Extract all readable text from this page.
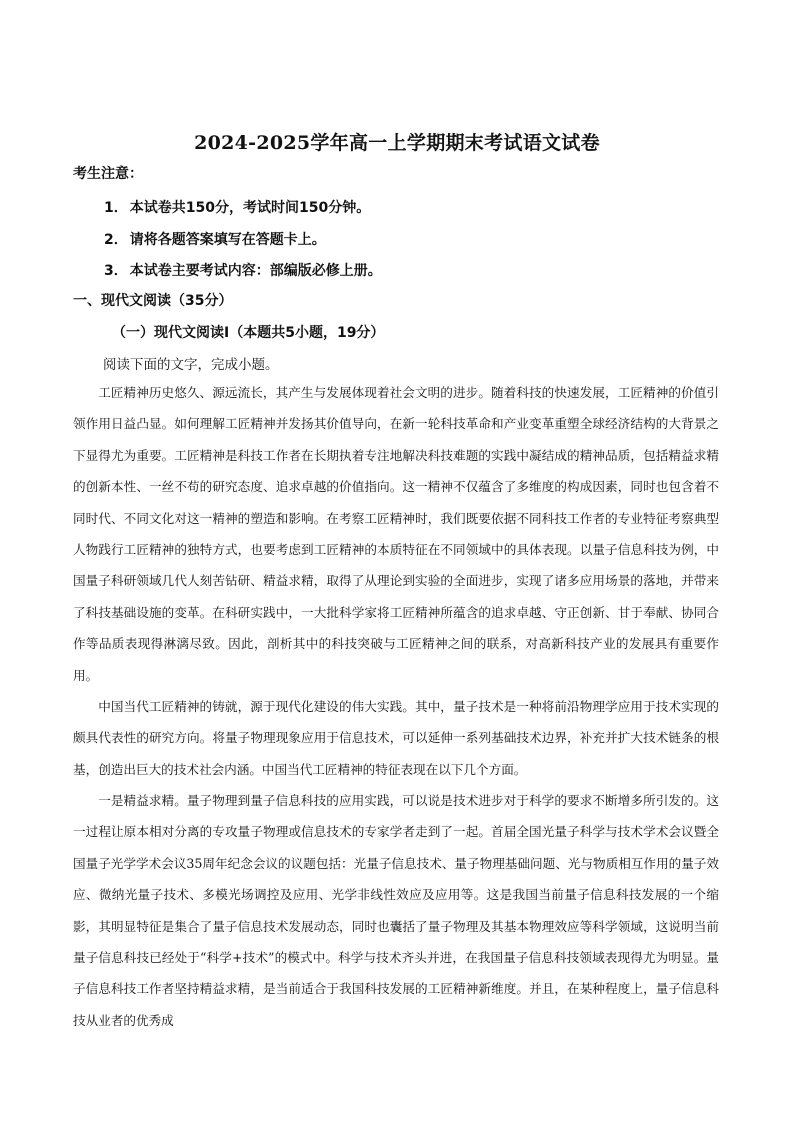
2024-2025学年高一上学期期末考试语文试卷
考生注意：
1． 本试卷共150分，考试时间150分钟。
2． 请将各题答案填写在答题卡上。
3． 本试卷主要考试内容：部编版必修上册。
一、现代文阅读（35分）
（一）现代文阅读Ⅰ（本题共5小题，19分）
阅读下面的文字，完成小题。

工匠精神历史悠久、源远流长，其产生与发展体现着社会文明的进步。随着科技的快速发展，工匠精神的价值引领作用日益凸显。如何理解工匠精神并发扬其价值导向，在新一轮科技革命和产业变革重塑全球经济结构的大背景之下显得尤为重要。工匠精神是科技工作者在长期执着专注地解决科技难题的实践中凝结成的精神品质，包括精益求精的创新本性、一丝不苟的研究态度、追求卓越的价值指向。这一精神不仅蕴含了多维度的构成因素，同时也包含着不同时代、不同文化对这一精神的塑造和影响。在考察工匠精神时，我们既要依据不同科技工作者的专业特征考察典型人物践行工匠精神的独特方式，也要考虑到工匠精神的本质特征在不同领域中的具体表现。以量子信息科技为例，中国量子科研领域几代人刻苦钻研、精益求精，取得了从理论到实验的全面进步，实现了诸多应用场景的落地，并带来了科技基础设施的变革。在科研实践中，一大批科学家将工匠精神所蕴含的追求卓越、守正创新、甘于奉献、协同合作等品质表现得淋漓尽致。因此，剖析其中的科技突破与工匠精神之间的联系，对高新科技产业的发展具有重要作用。

中国当代工匠精神的铸就，源于现代化建设的伟大实践。其中，量子技术是一种将前沿物理学应用于技术实现的颇具代表性的研究方向。将量子物理现象应用于信息技术，可以延伸一系列基础技术边界，补充并扩大技术链条的根基，创造出巨大的技术社会内涵。中国当代工匠精神的特征表现在以下几个方面。

一是精益求精。量子物理到量子信息科技的应用实践，可以说是技术进步对于科学的要求不断增多所引发的。这一过程让原本相对分离的专攻量子物理或信息技术的专家学者走到了一起。首届全国光量子科学与技术学术会议暨全国量子光学学术会议35周年纪念会议的议题包括：光量子信息技术、量子物理基础问题、光与物质相互作用的量子效应、微纳光量子技术、多模光场调控及应用、光学非线性效应及应用等。这是我国当前量子信息科技发展的一个缩影，其明显特征是集合了量子信息技术发展动态，同时也囊括了量子物理及其基本物理效应等科学领域，这说明当前量子信息科技已经处于“科学+技术”的模式中。科学与技术齐头并进，在我国量子信息科技领域表现得尤为明显。量子信息科技工作者坚持精益求精，是当前适合于我国科技发展的工匠精神新维度。并且，在某种程度上，量子信息科技从业者的优秀成
